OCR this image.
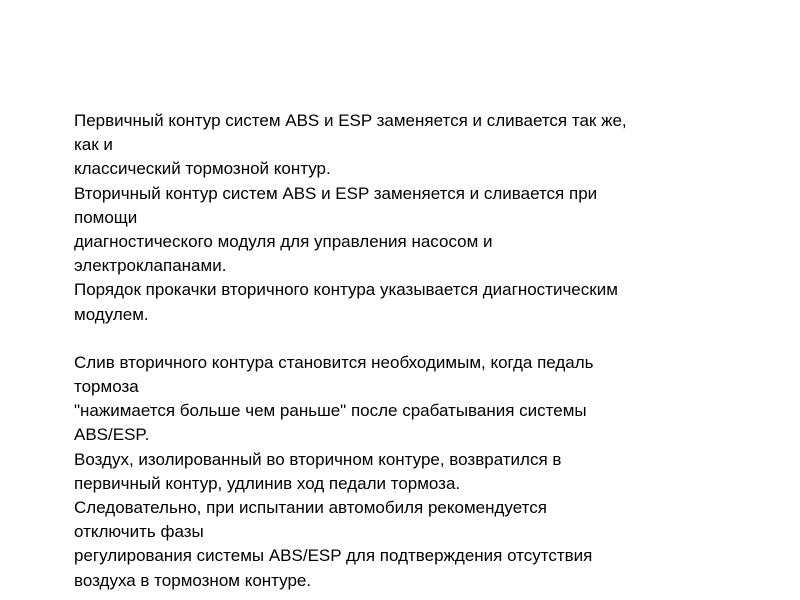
Первичный контур систем ABS и ESP заменяется и сливается так же,
как и
классический тормозной контур.
Вторичный контур систем ABS и ESP заменяется и сливается при
помощи
диагностического модуля для управления насосом и
электроклапанами.
Порядок прокачки вторичного контура указывается диагностическим
модулем.
Слив вторичного контура становится необходимым, когда педаль
тормоза
"нажимается больше чем раньше" после срабатывания системы
ABS/ESP.
Воздух, изолированный во вторичном контуре, возвратился в
первичный контур, удлинив ход педали тормоза.
Следовательно, при испытании автомобиля рекомендуется
отключить фазы
регулирования системы ABS/ESP для подтверждения отсутствия
воздуха в тормозном контуре.
